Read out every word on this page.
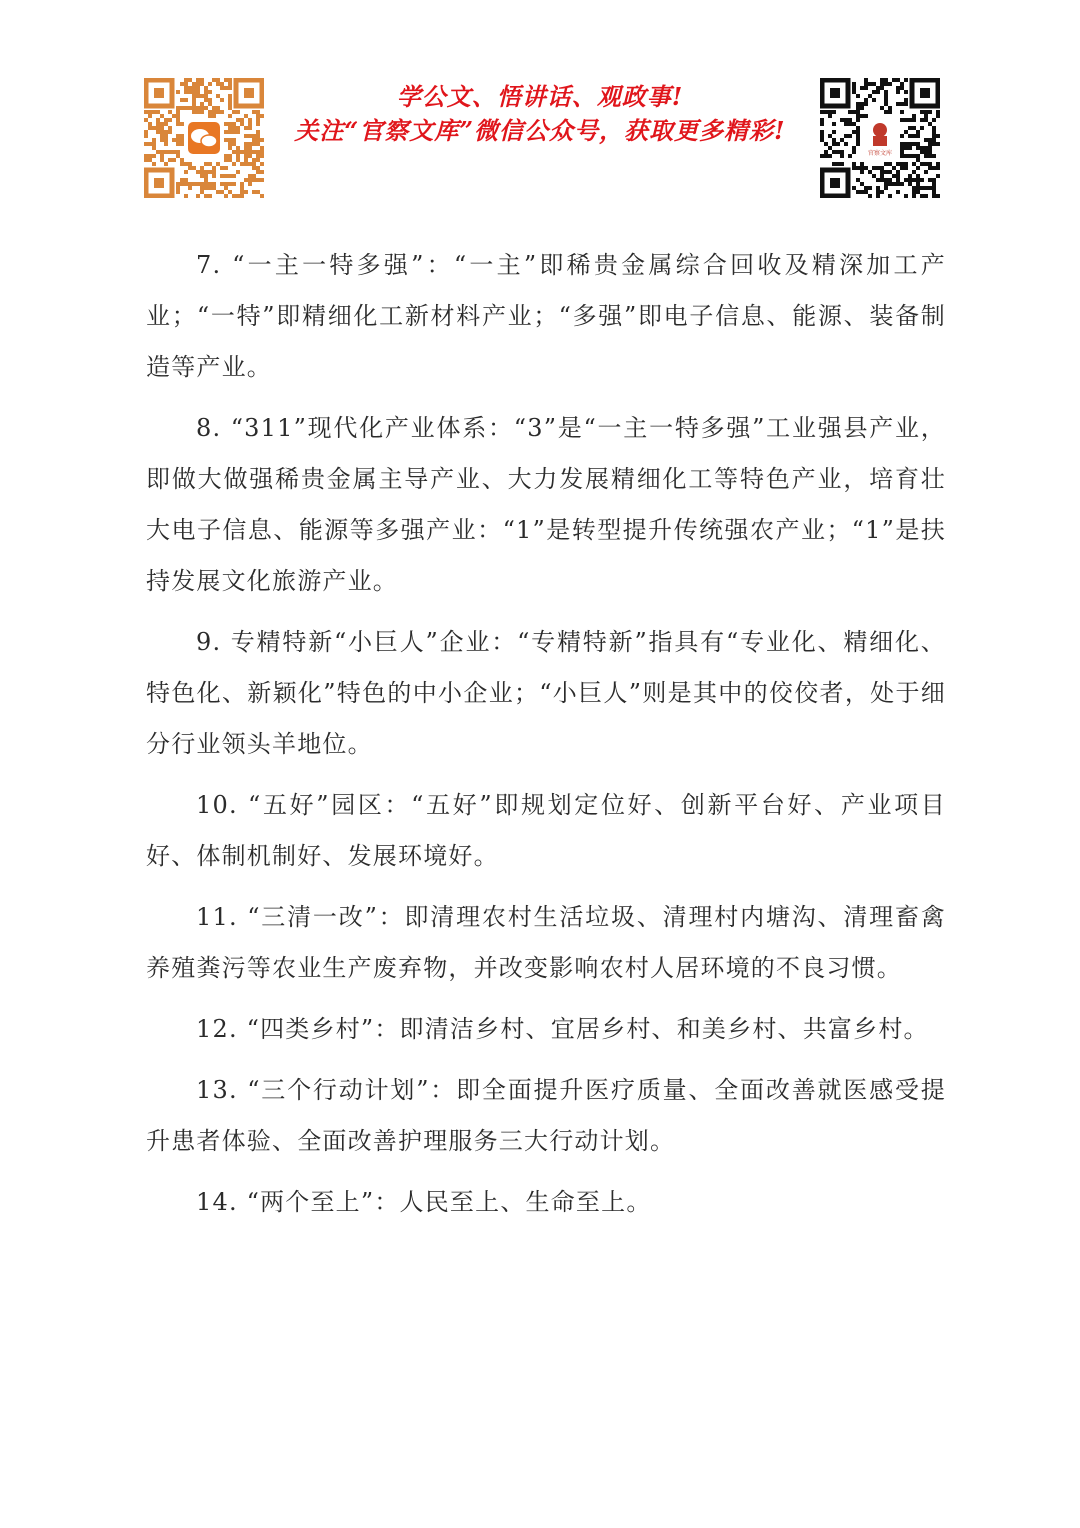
学公文、悟讲话、观政事!
关注“官察文库”微信公众号，获取更多精彩!
官察文库

7. “一主一特多强”：“一主”即稀贵金属综合回收及精深加工产业；“一特”即精细化工新材料产业；“多强”即电子信息、能源、装备制造等产业。

8. “311”现代化产业体系：“3”是“一主一特多强”工业强县产业，即做大做强稀贵金属主导产业、大力发展精细化工等特色产业，培育壮大电子信息、能源等多强产业：“1”是转型提升传统强农产业；“1”是扶持发展文化旅游产业。

9. 专精特新“小巨人”企业：“专精特新”指具有“专业化、精细化、特色化、新颖化”特色的中小企业；“小巨人”则是其中的佼佼者，处于细分行业领头羊地位。

10. “五好”园区：“五好”即规划定位好、创新平台好、产业项目好、体制机制好、发展环境好。

11. “三清一改”：即清理农村生活垃圾、清理村内塘沟、清理畜禽养殖粪污等农业生产废弃物，并改变影响农村人居环境的不良习惯。

12. “四类乡村”：即清洁乡村、宜居乡村、和美乡村、共富乡村。

13. “三个行动计划”：即全面提升医疗质量、全面改善就医感受提升患者体验、全面改善护理服务三大行动计划。

14. “两个至上”：人民至上、生命至上。
